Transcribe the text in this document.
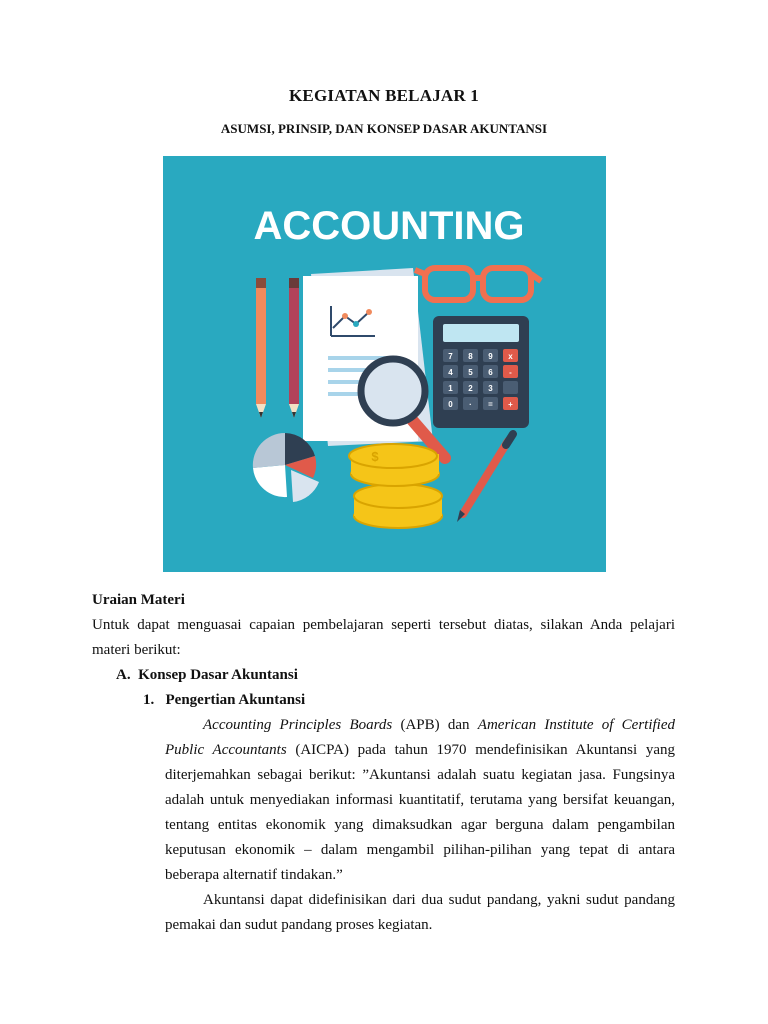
KEGIATAN BELAJAR 1
ASUMSI, PRINSIP, DAN KONSEP DASAR AKUNTANSI
ACCOUNTING
7 8 9 x
4 5 6 -
1 2 3
0 · = +
$
Uraian Materi
Untuk dapat menguasai capaian pembelajaran seperti tersebut diatas, silakan Anda pelajari materi berikut:
A. Konsep Dasar Akuntansi
1. Pengertian Akuntansi
Accounting Principles Boards (APB) dan American Institute of Certified Public Accountants (AICPA) pada tahun 1970 mendefinisikan Akuntansi yang diterjemahkan sebagai berikut: ”Akuntansi adalah suatu kegiatan jasa. Fungsinya adalah untuk menyediakan informasi kuantitatif, terutama yang bersifat keuangan, tentang entitas ekonomik yang dimaksudkan agar berguna dalam pengambilan keputusan ekonomik – dalam mengambil pilihan-pilihan yang tepat di antara beberapa alternatif tindakan.”
Akuntansi dapat didefinisikan dari dua sudut pandang, yakni sudut pandang pemakai dan sudut pandang proses kegiatan.
